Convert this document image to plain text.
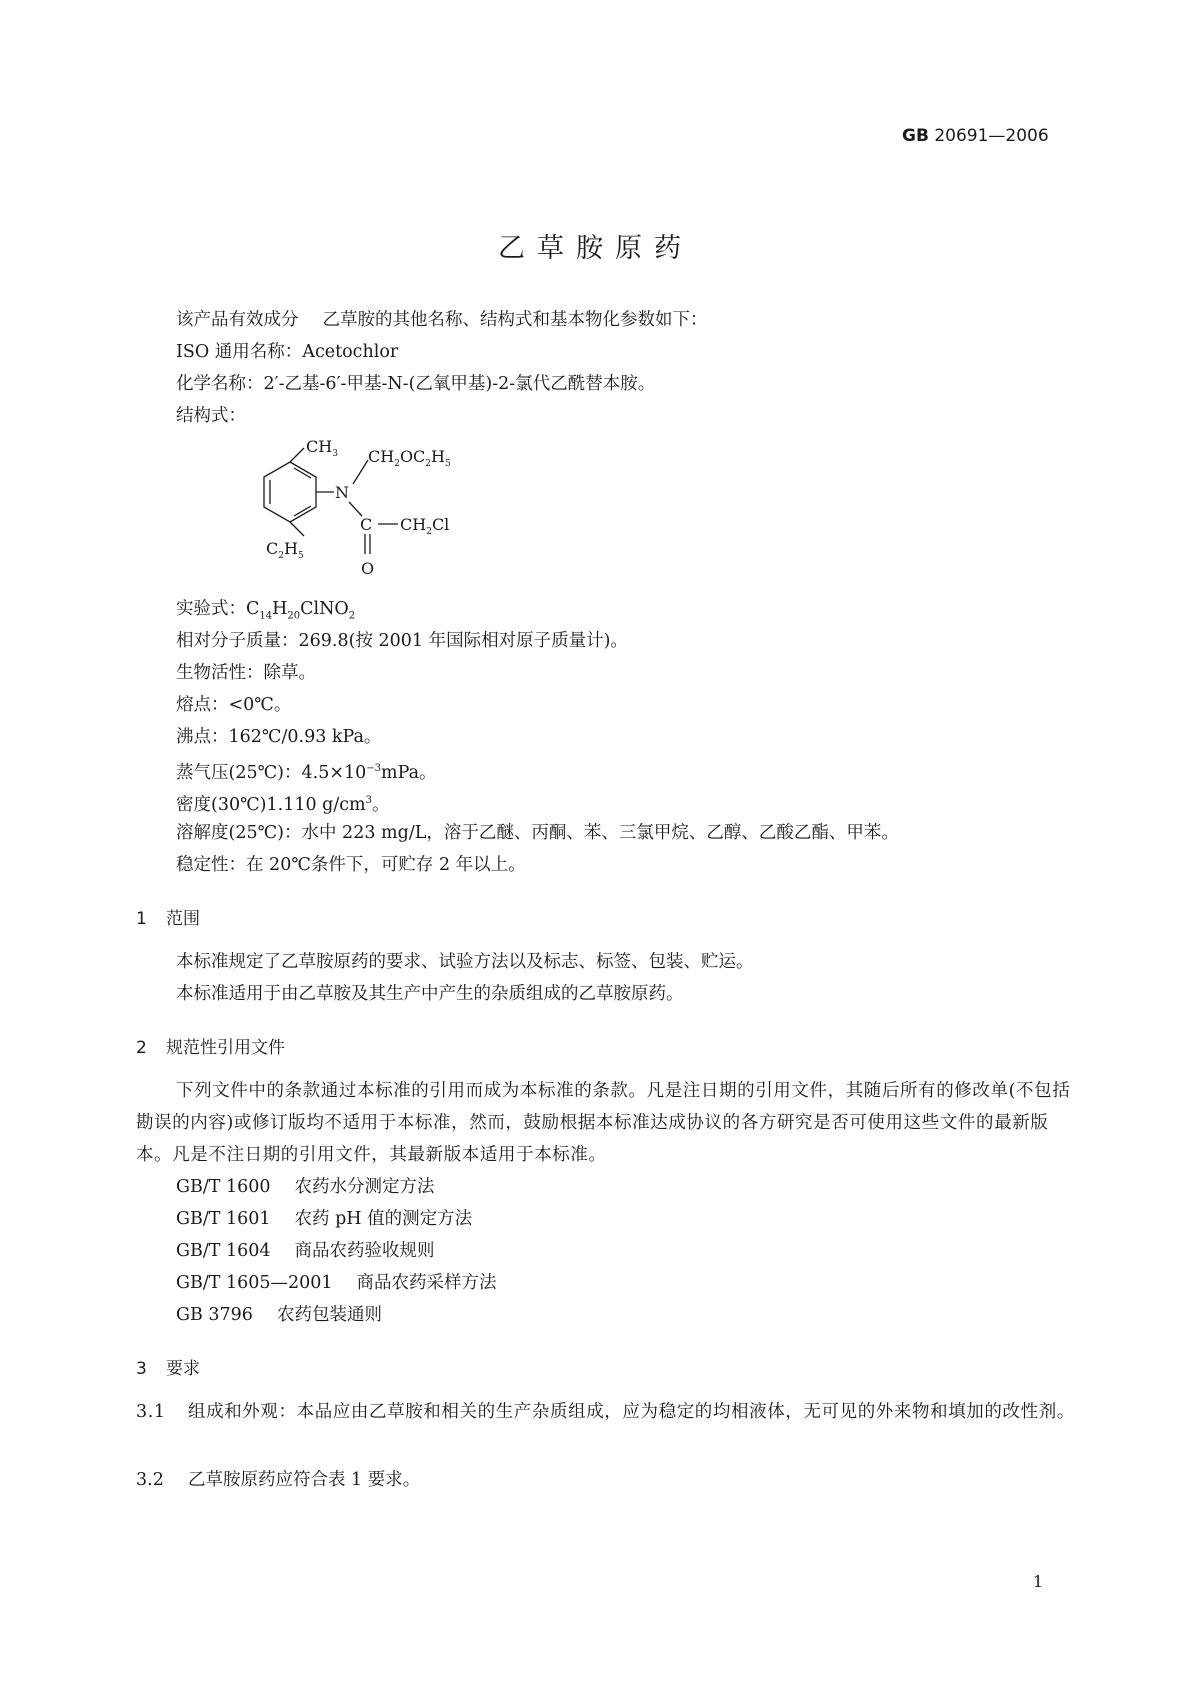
GB 20691—2006
乙草胺原药
该产品有效成分 乙草胺的其他名称、结构式和基本物化参数如下：
ISO 通用名称：Acetochlor
化学名称：2′-乙基-6′-甲基-N-(乙氧甲基)-2-氯代乙酰替本胺。
结构式：
$CH_3$ $CH_2OC_2H_5$
N
C $CH_2Cl$
$C_2H_5$
O
实验式：$C_{14}H_{20}ClNO_2$
相对分子质量：269.8(按 2001 年国际相对原子质量计)。
生物活性：除草。
熔点：<0℃。
沸点：162℃/0.93 kPa。
蒸气压(25℃)：$4.5\times 10^{-3}mPa$。
密度(30℃)1.110 $g/cm^3$。
溶解度(25℃)：水中 223 mg/L，溶于乙醚、丙酮、苯、三氯甲烷、乙醇、乙酸乙酯、甲苯。
稳定性：在 20℃条件下，可贮存 2 年以上。
1 范围
本标准规定了乙草胺原药的要求、试验方法以及标志、标签、包装、贮运。
本标准适用于由乙草胺及其生产中产生的杂质组成的乙草胺原药。
2 规范性引用文件
下列文件中的条款通过本标准的引用而成为本标准的条款。凡是注日期的引用文件，其随后所有的修改单(不包括勘误的内容)或修订版均不适用于本标准，然而，鼓励根据本标准达成协议的各方研究是否可使用这些文件的最新版本。凡是不注日期的引用文件，其最新版本适用于本标准。
GB/T 1600 农药水分测定方法
GB/T 1601 农药 pH 值的测定方法
GB/T 1604 商品农药验收规则
GB/T 1605—2001 商品农药采样方法
GB 3796 农药包装通则
3 要求
3.1 组成和外观：本品应由乙草胺和相关的生产杂质组成，应为稳定的均相液体，无可见的外来物和填加的改性剂。
3.2 乙草胺原药应符合表 1 要求。
1
